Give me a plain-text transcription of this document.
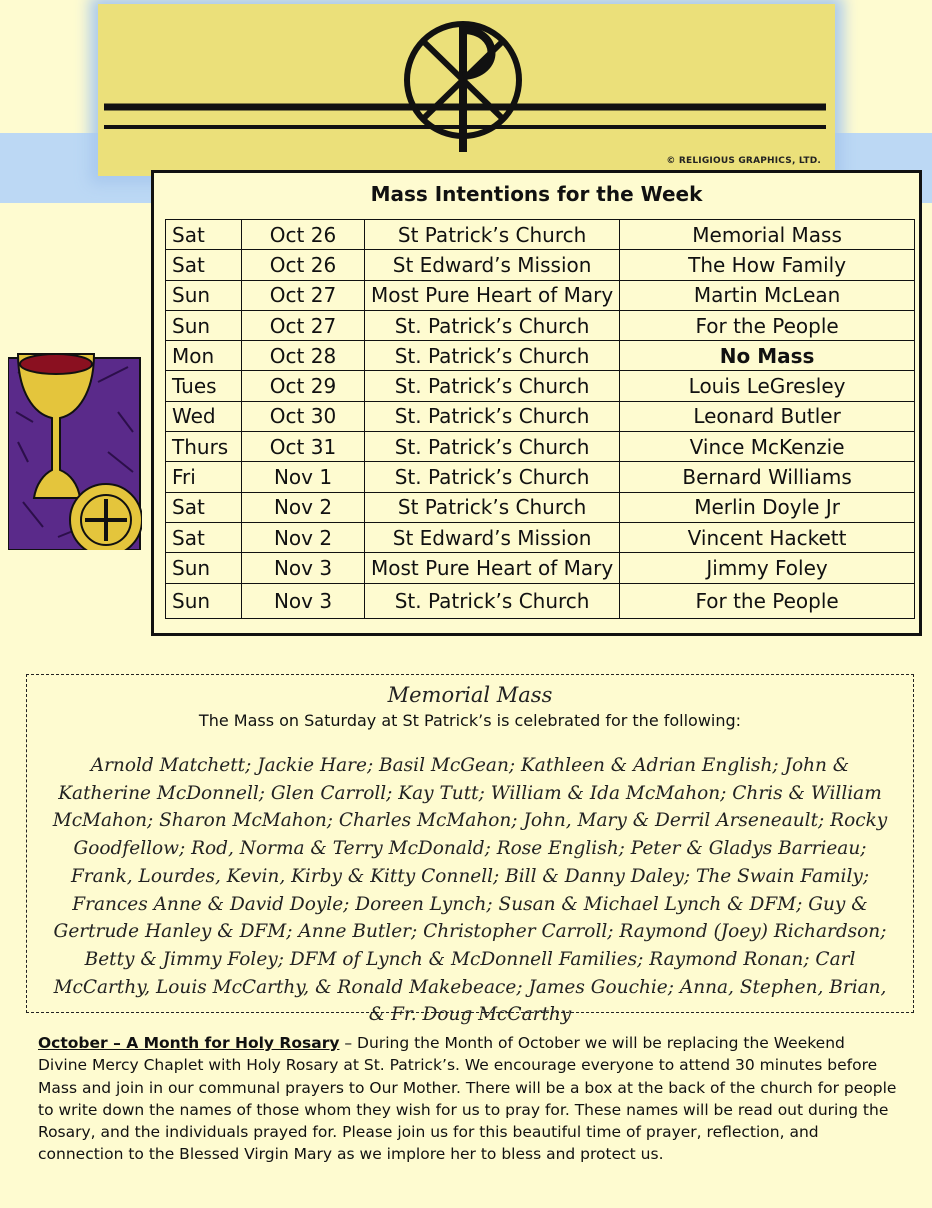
© RELIGIOUS GRAPHICS, LTD.
Mass Intentions for the Week
Sat	Oct 26	St Patrick’s Church	Memorial Mass
Sat	Oct 26	St Edward’s Mission	The How Family
Sun	Oct 27	Most Pure Heart of Mary	Martin McLean
Sun	Oct 27	St. Patrick’s Church	For the People
Mon	Oct 28	St. Patrick’s Church	No Mass
Tues	Oct 29	St. Patrick’s Church	Louis LeGresley
Wed	Oct 30	St. Patrick’s Church	Leonard Butler
Thurs	Oct 31	St. Patrick’s Church	Vince McKenzie
Fri	Nov 1	St. Patrick’s Church	Bernard Williams
Sat	Nov 2	St Patrick’s Church	Merlin Doyle Jr
Sat	Nov 2	St Edward’s Mission	Vincent Hackett
Sun	Nov 3	Most Pure Heart of Mary	Jimmy Foley
Sun	Nov 3	St. Patrick’s Church	For the People
Memorial Mass
The Mass on Saturday at St Patrick’s is celebrated for the following:
Arnold Matchett; Jackie Hare; Basil McGean; Kathleen & Adrian English; John & Katherine McDonnell; Glen Carroll; Kay Tutt; William & Ida McMahon; Chris & William McMahon; Sharon McMahon; Charles McMahon; John, Mary & Derril Arseneault; Rocky Goodfellow; Rod, Norma & Terry McDonald; Rose English; Peter & Gladys Barrieau; Frank, Lourdes, Kevin, Kirby & Kitty Connell; Bill & Danny Daley; The Swain Family; Frances Anne & David Doyle; Doreen Lynch; Susan & Michael Lynch & DFM; Guy & Gertrude Hanley & DFM; Anne Butler; Christopher Carroll; Raymond (Joey) Richardson; Betty & Jimmy Foley; DFM of Lynch & McDonnell Families; Raymond Ronan; Carl McCarthy, Louis McCarthy, & Ronald Makebeace; James Gouchie; Anna, Stephen, Brian, & Fr. Doug McCarthy
October – A Month for Holy Rosary – During the Month of October we will be replacing the Weekend Divine Mercy Chaplet with Holy Rosary at St. Patrick’s. We encourage everyone to attend 30 minutes before Mass and join in our communal prayers to Our Mother. There will be a box at the back of the church for people to write down the names of those whom they wish for us to pray for. These names will be read out during the Rosary, and the individuals prayed for. Please join us for this beautiful time of prayer, reflection, and connection to the Blessed Virgin Mary as we implore her to bless and protect us.
